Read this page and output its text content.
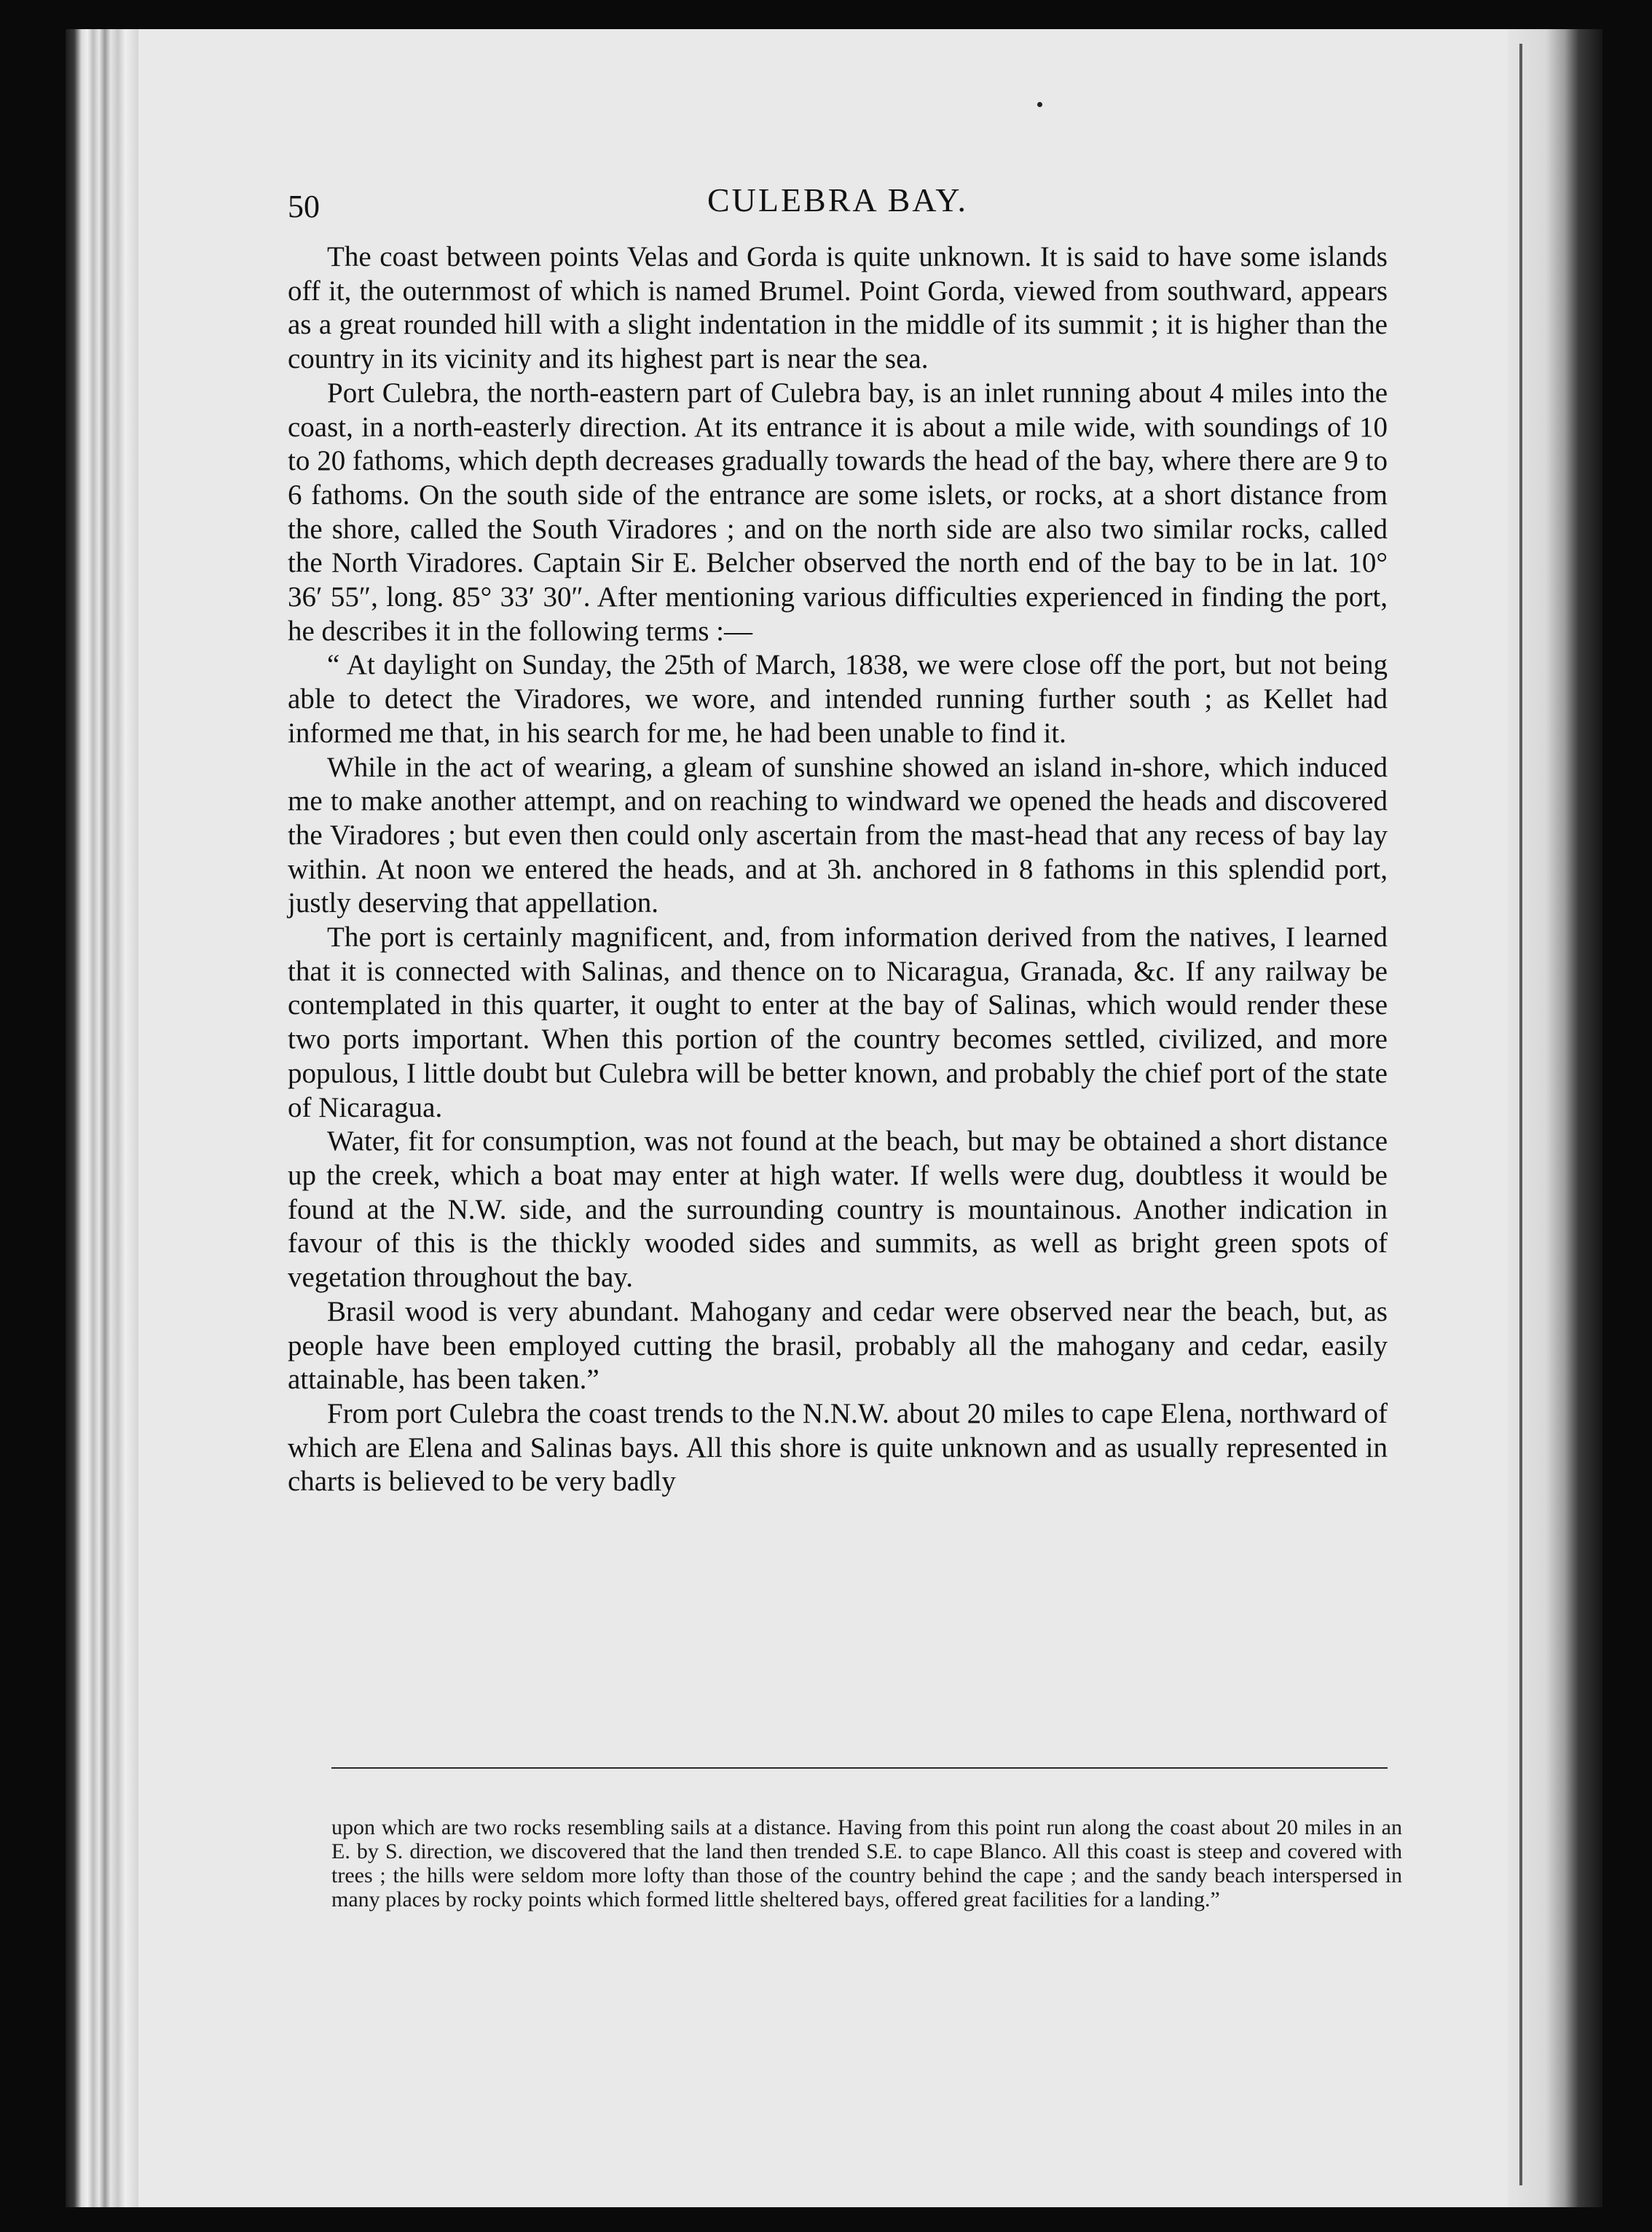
50	CULEBRA BAY.

The coast between points Velas and Gorda is quite unknown. It is said to have some islands off it, the outernmost of which is named Brumel. Point Gorda, viewed from southward, appears as a great rounded hill with a slight indentation in the middle of its summit ; it is higher than the country in its vicinity and its highest part is near the sea.

Port Culebra, the north-eastern part of Culebra bay, is an inlet running about 4 miles into the coast, in a north-easterly direction. At its entrance it is about a mile wide, with soundings of 10 to 20 fathoms, which depth decreases gradually towards the head of the bay, where there are 9 to 6 fathoms. On the south side of the entrance are some islets, or rocks, at a short distance from the shore, called the South Viradores ; and on the north side are also two similar rocks, called the North Viradores. Captain Sir E. Belcher observed the north end of the bay to be in lat. 10° 36′ 55″, long. 85° 33′ 30″. After mentioning various difficulties experienced in finding the port, he describes it in the following terms :—

“ At daylight on Sunday, the 25th of March, 1838, we were close off the port, but not being able to detect the Viradores, we wore, and intended running further south ; as Kellet had informed me that, in his search for me, he had been unable to find it.

While in the act of wearing, a gleam of sunshine showed an island in-shore, which induced me to make another attempt, and on reaching to windward we opened the heads and discovered the Viradores ; but even then could only ascertain from the mast-head that any recess of bay lay within. At noon we entered the heads, and at 3h. anchored in 8 fathoms in this splendid port, justly deserving that appellation.

The port is certainly magnificent, and, from information derived from the natives, I learned that it is connected with Salinas, and thence on to Nicaragua, Granada, &c. If any railway be contemplated in this quarter, it ought to enter at the bay of Salinas, which would render these two ports important. When this portion of the country becomes settled, civilized, and more populous, I little doubt but Culebra will be better known, and probably the chief port of the state of Nicaragua.

Water, fit for consumption, was not found at the beach, but may be obtained a short distance up the creek, which a boat may enter at high water. If wells were dug, doubtless it would be found at the N.W. side, and the surrounding country is mountainous. Another indication in favour of this is the thickly wooded sides and summits, as well as bright green spots of vegetation throughout the bay.

Brasil wood is very abundant. Mahogany and cedar were observed near the beach, but, as people have been employed cutting the brasil, probably all the mahogany and cedar, easily attainable, has been taken.”

From port Culebra the coast trends to the N.N.W. about 20 miles to cape Elena, northward of which are Elena and Salinas bays. All this shore is quite unknown and as usually represented in charts is believed to be very badly

upon which are two rocks resembling sails at a distance. Having from this point run along the coast about 20 miles in an E. by S. direction, we discovered that the land then trended S.E. to cape Blanco. All this coast is steep and covered with trees ; the hills were seldom more lofty than those of the country behind the cape ; and the sandy beach interspersed in many places by rocky points which formed little sheltered bays, offered great facilities for a landing.”
